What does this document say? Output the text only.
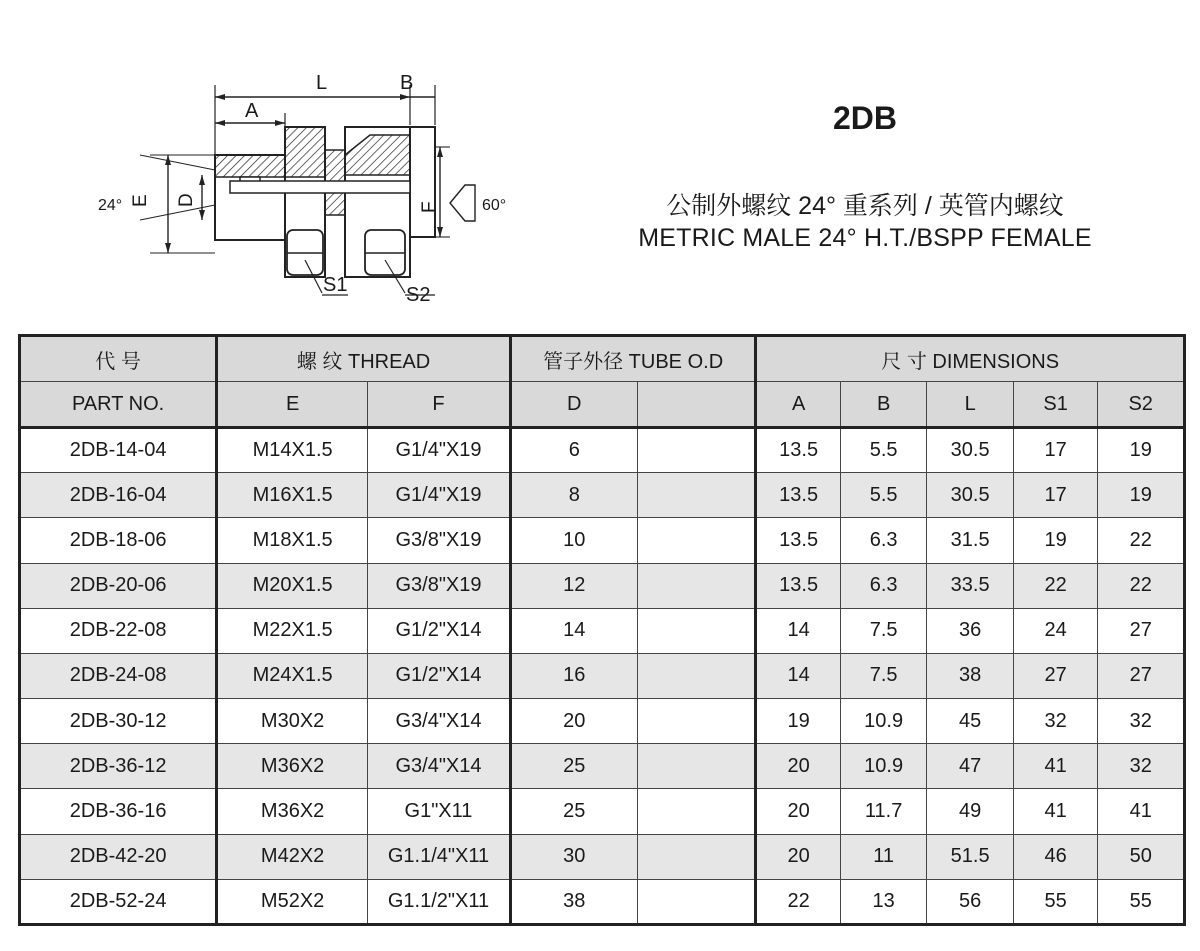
L	B
A
E D
F
24°	60°
S1	S2
2DB
公制外螺纹 24° 重系列 / 英管内螺纹
METRIC MALE 24° H.T./BSPP FEMALE
代 号	螺 纹 THREAD		管子外径 TUBE O.D		尺 寸 DIMENSIONS				
PART NO.	E	F	D		A	B	L	S1	S2
2DB-14-04	M14X1.5	G1/4"X19	6		13.5	5.5	30.5	17	19
2DB-16-04	M16X1.5	G1/4"X19	8		13.5	5.5	30.5	17	19
2DB-18-06	M18X1.5	G3/8"X19	10		13.5	6.3	31.5	19	22
2DB-20-06	M20X1.5	G3/8"X19	12		13.5	6.3	33.5	22	22
2DB-22-08	M22X1.5	G1/2"X14	14		14	7.5	36	24	27
2DB-24-08	M24X1.5	G1/2"X14	16		14	7.5	38	27	27
2DB-30-12	M30X2	G3/4"X14	20		19	10.9	45	32	32
2DB-36-12	M36X2	G3/4"X14	25		20	10.9	47	41	32
2DB-36-16	M36X2	G1"X11	25		20	11.7	49	41	41
2DB-42-20	M42X2	G1.1/4"X11	30		20	11	51.5	46	50
2DB-52-24	M52X2	G1.1/2"X11	38		22	13	56	55	55
